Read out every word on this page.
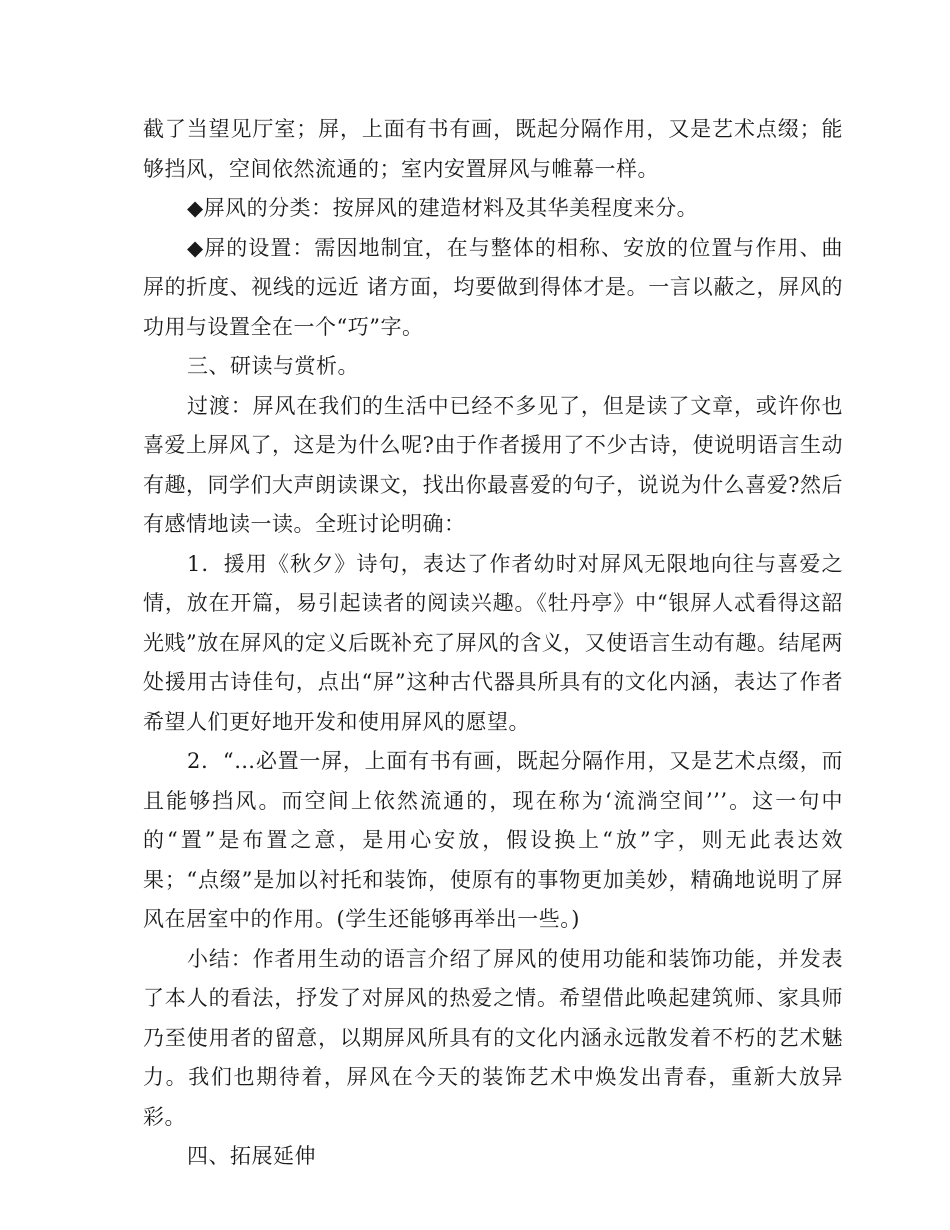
截了当望见厅室；屏，上面有书有画，既起分隔作用，又是艺术点缀；能够挡风，空间依然流通的；室内安置屏风与帷幕一样。

◆屏风的分类：按屏风的建造材料及其华美程度来分。

◆屏的设置：需因地制宜，在与整体的相称、安放的位置与作用、曲屏的折度、视线的远近 诸方面，均要做到得体才是。一言以蔽之，屏风的功用与设置全在一个“巧”字。

三、研读与赏析。

过渡：屏风在我们的生活中已经不多见了，但是读了文章，或许你也喜爱上屏风了，这是为什么呢?由于作者援用了不少古诗，使说明语言生动有趣，同学们大声朗读课文，找出你最喜爱的句子，说说为什么喜爱?然后有感情地读一读。全班讨论明确：

1．援用《秋夕》诗句，表达了作者幼时对屏风无限地向往与喜爱之情，放在开篇，易引起读者的阅读兴趣。《牡丹亭》中“银屏人忒看得这韶光贱”放在屏风的定义后既补充了屏风的含义，又使语言生动有趣。结尾两处援用古诗佳句，点出“屏”这种古代器具所具有的文化内涵，表达了作者希望人们更好地开发和使用屏风的愿望。

2．“…必置一屏，上面有书有画，既起分隔作用，又是艺术点缀，而且能够挡风。而空间上依然流通的，现在称为‘流淌空间’’’。这一句中的“置”是布置之意，是用心安放，假设换上“放”字，则无此表达效果；“点缀”是加以衬托和装饰，使原有的事物更加美妙，精确地说明了屏风在居室中的作用。(学生还能够再举出一些。)

小结：作者用生动的语言介绍了屏风的使用功能和装饰功能，并发表了本人的看法，抒发了对屏风的热爱之情。希望借此唤起建筑师、家具师乃至使用者的留意，以期屏风所具有的文化内涵永远散发着不朽的艺术魅力。我们也期待着，屏风在今天的装饰艺术中焕发出青春，重新大放异彩。

四、拓展延伸
